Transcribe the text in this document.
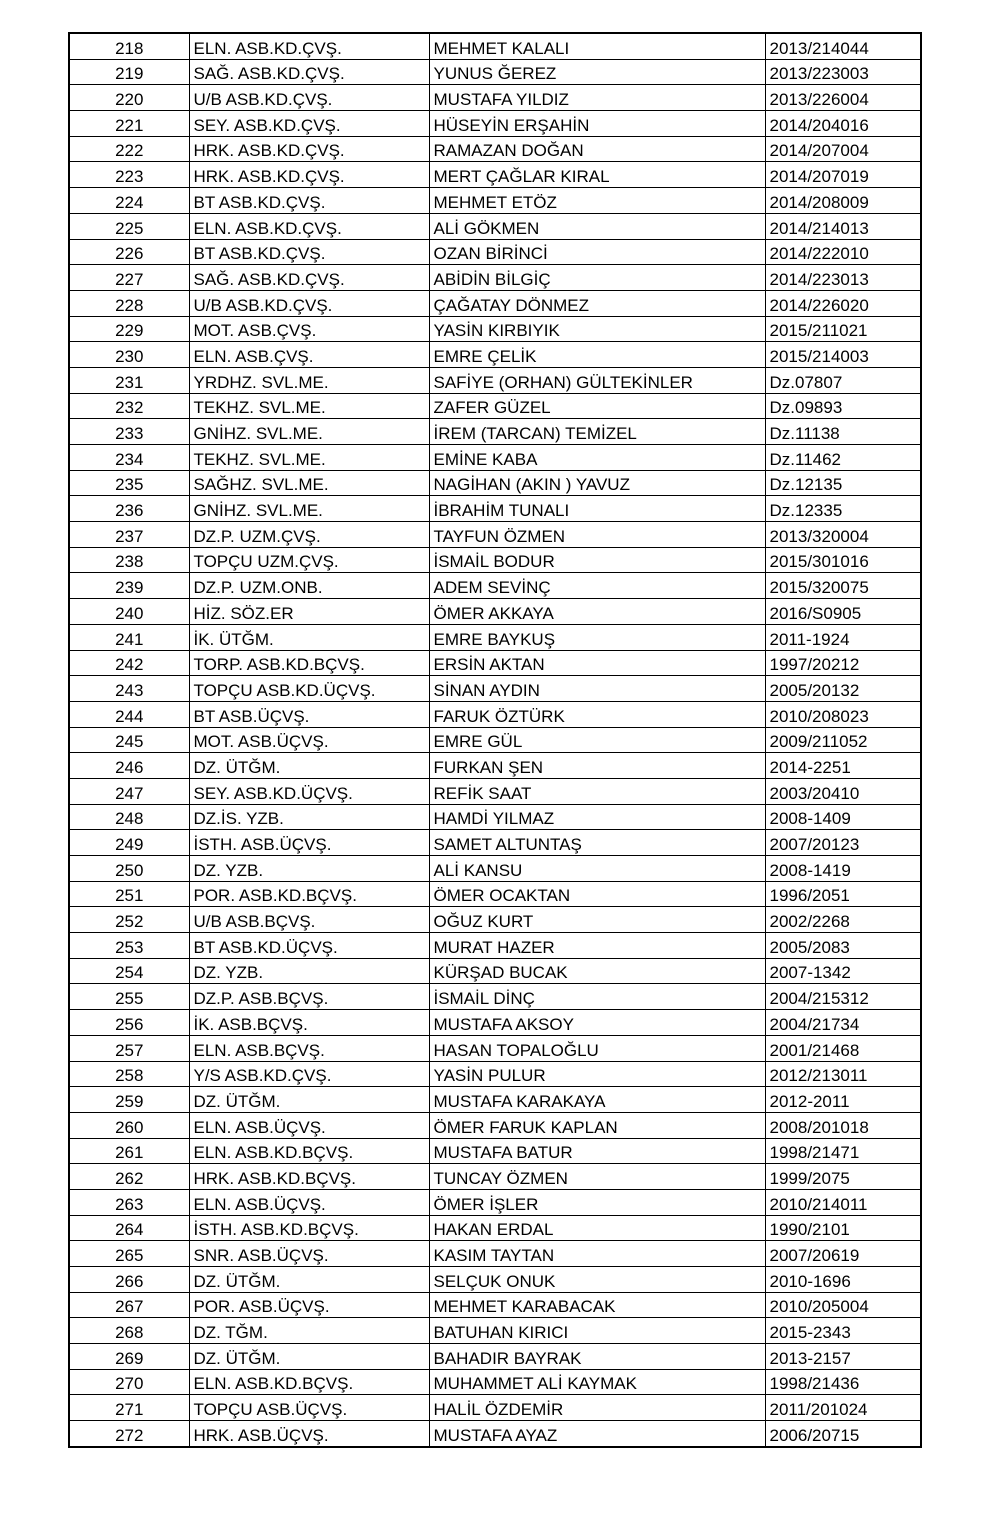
218	ELN. ASB.KD.ÇVŞ.	MEHMET KALALI	2013/214044
219	SAĞ. ASB.KD.ÇVŞ.	YUNUS ĞEREZ	2013/223003
220	U/B ASB.KD.ÇVŞ.	MUSTAFA YILDIZ	2013/226004
221	SEY. ASB.KD.ÇVŞ.	HÜSEYİN ERŞAHİN	2014/204016
222	HRK. ASB.KD.ÇVŞ.	RAMAZAN DOĞAN	2014/207004
223	HRK. ASB.KD.ÇVŞ.	MERT ÇAĞLAR KIRAL	2014/207019
224	BT ASB.KD.ÇVŞ.	MEHMET ETÖZ	2014/208009
225	ELN. ASB.KD.ÇVŞ.	ALİ GÖKMEN	2014/214013
226	BT ASB.KD.ÇVŞ.	OZAN BİRİNCİ	2014/222010
227	SAĞ. ASB.KD.ÇVŞ.	ABİDİN BİLGİÇ	2014/223013
228	U/B ASB.KD.ÇVŞ.	ÇAĞATAY DÖNMEZ	2014/226020
229	MOT. ASB.ÇVŞ.	YASİN KIRBIYIK	2015/211021
230	ELN. ASB.ÇVŞ.	EMRE ÇELİK	2015/214003
231	YRDHZ. SVL.ME.	SAFİYE (ORHAN) GÜLTEKİNLER	Dz.07807
232	TEKHZ. SVL.ME.	ZAFER GÜZEL	Dz.09893
233	GNİHZ. SVL.ME.	İREM (TARCAN) TEMİZEL	Dz.11138
234	TEKHZ. SVL.ME.	EMİNE KABA	Dz.11462
235	SAĞHZ. SVL.ME.	NAGİHAN (AKIN ) YAVUZ	Dz.12135
236	GNİHZ. SVL.ME.	İBRAHİM TUNALI	Dz.12335
237	DZ.P. UZM.ÇVŞ.	TAYFUN ÖZMEN	2013/320004
238	TOPÇU UZM.ÇVŞ.	İSMAİL BODUR	2015/301016
239	DZ.P. UZM.ONB.	ADEM SEVİNÇ	2015/320075
240	HİZ. SÖZ.ER	ÖMER AKKAYA	2016/S0905
241	İK. ÜTĞM.	EMRE BAYKUŞ	2011-1924
242	TORP. ASB.KD.BÇVŞ.	ERSİN AKTAN	1997/20212
243	TOPÇU ASB.KD.ÜÇVŞ.	SİNAN AYDIN	2005/20132
244	BT ASB.ÜÇVŞ.	FARUK ÖZTÜRK	2010/208023
245	MOT. ASB.ÜÇVŞ.	EMRE GÜL	2009/211052
246	DZ. ÜTĞM.	FURKAN ŞEN	2014-2251
247	SEY. ASB.KD.ÜÇVŞ.	REFİK SAAT	2003/20410
248	DZ.İS. YZB.	HAMDİ YILMAZ	2008-1409
249	İSTH. ASB.ÜÇVŞ.	SAMET ALTUNTAŞ	2007/20123
250	DZ. YZB.	ALİ KANSU	2008-1419
251	POR. ASB.KD.BÇVŞ.	ÖMER OCAKTAN	1996/2051
252	U/B ASB.BÇVŞ.	OĞUZ KURT	2002/2268
253	BT ASB.KD.ÜÇVŞ.	MURAT HAZER	2005/2083
254	DZ. YZB.	KÜRŞAD BUCAK	2007-1342
255	DZ.P. ASB.BÇVŞ.	İSMAİL DİNÇ	2004/215312
256	İK. ASB.BÇVŞ.	MUSTAFA AKSOY	2004/21734
257	ELN. ASB.BÇVŞ.	HASAN TOPALOĞLU	2001/21468
258	Y/S ASB.KD.ÇVŞ.	YASİN PULUR	2012/213011
259	DZ. ÜTĞM.	MUSTAFA KARAKAYA	2012-2011
260	ELN. ASB.ÜÇVŞ.	ÖMER FARUK KAPLAN	2008/201018
261	ELN. ASB.KD.BÇVŞ.	MUSTAFA BATUR	1998/21471
262	HRK. ASB.KD.BÇVŞ.	TUNCAY ÖZMEN	1999/2075
263	ELN. ASB.ÜÇVŞ.	ÖMER İŞLER	2010/214011
264	İSTH. ASB.KD.BÇVŞ.	HAKAN ERDAL	1990/2101
265	SNR. ASB.ÜÇVŞ.	KASIM TAYTAN	2007/20619
266	DZ. ÜTĞM.	SELÇUK ONUK	2010-1696
267	POR. ASB.ÜÇVŞ.	MEHMET KARABACAK	2010/205004
268	DZ. TĞM.	BATUHAN KIRICI	2015-2343
269	DZ. ÜTĞM.	BAHADIR BAYRAK	2013-2157
270	ELN. ASB.KD.BÇVŞ.	MUHAMMET ALİ KAYMAK	1998/21436
271	TOPÇU ASB.ÜÇVŞ.	HALİL ÖZDEMİR	2011/201024
272	HRK. ASB.ÜÇVŞ.	MUSTAFA AYAZ	2006/20715
